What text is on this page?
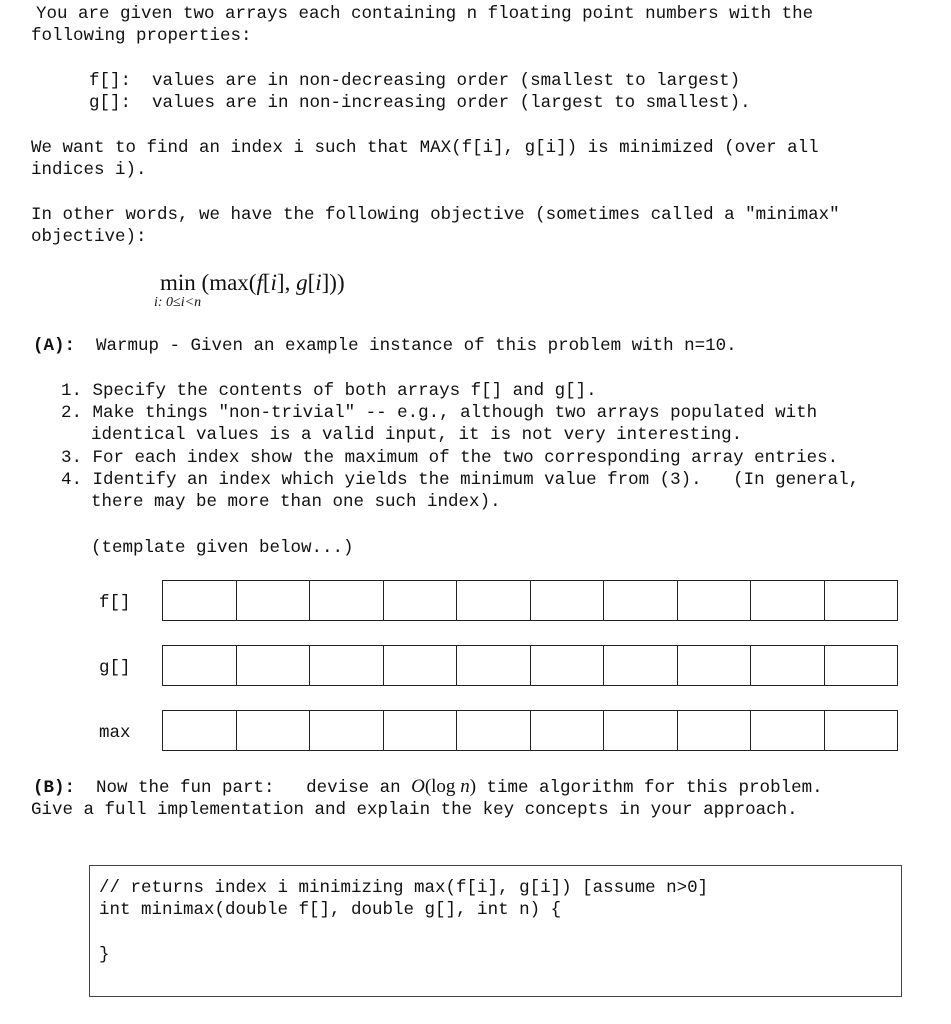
You are given two arrays each containing n floating point numbers with the
following properties:
f[]:  values are in non-decreasing order (smallest to largest)
g[]:  values are in non-increasing order (largest to smallest).
We want to find an index i such that MAX(f[i], g[i]) is minimized (over all
indices i).
In other words, we have the following objective (sometimes called a "minimax"
objective):
min (max(f[i], g[i]))
i: 0≤i<n
(A): Warmup - Given an example instance of this problem with n=10.
1. Specify the contents of both arrays f[] and g[].
2. Make things "non-trivial" -- e.g., although two arrays populated with
identical values is a valid input, it is not very interesting.
3. For each index show the maximum of the two corresponding array entries.
4. Identify an index which yields the minimum value from (3).   (In general,
there may be more than one such index).
(template given below...)
f[]
g[]
max
(B): Now the fun part:   devise an O(log n) time algorithm for this problem.
Give a full implementation and explain the key concepts in your approach.
// returns index i minimizing max(f[i], g[i]) [assume n>0]
int minimax(double f[], double g[], int n) {
}
